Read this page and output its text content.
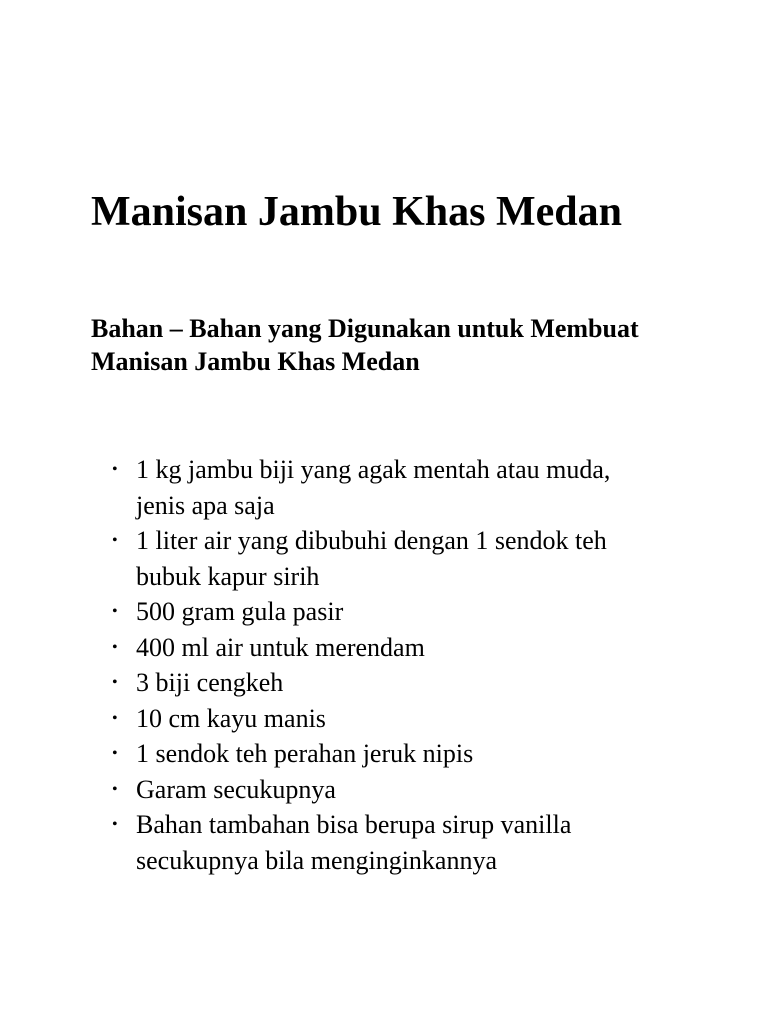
Manisan Jambu Khas Medan
Bahan – Bahan yang Digunakan untuk Membuat Manisan Jambu Khas Medan
• 1 kg jambu biji yang agak mentah atau muda, jenis apa saja
• 1 liter air yang dibubuhi dengan 1 sendok teh bubuk kapur sirih
• 500 gram gula pasir
• 400 ml air untuk merendam
• 3 biji cengkeh
• 10 cm kayu manis
• 1 sendok teh perahan jeruk nipis
• Garam secukupnya
• Bahan tambahan bisa berupa sirup vanilla secukupnya bila menginginkannya
